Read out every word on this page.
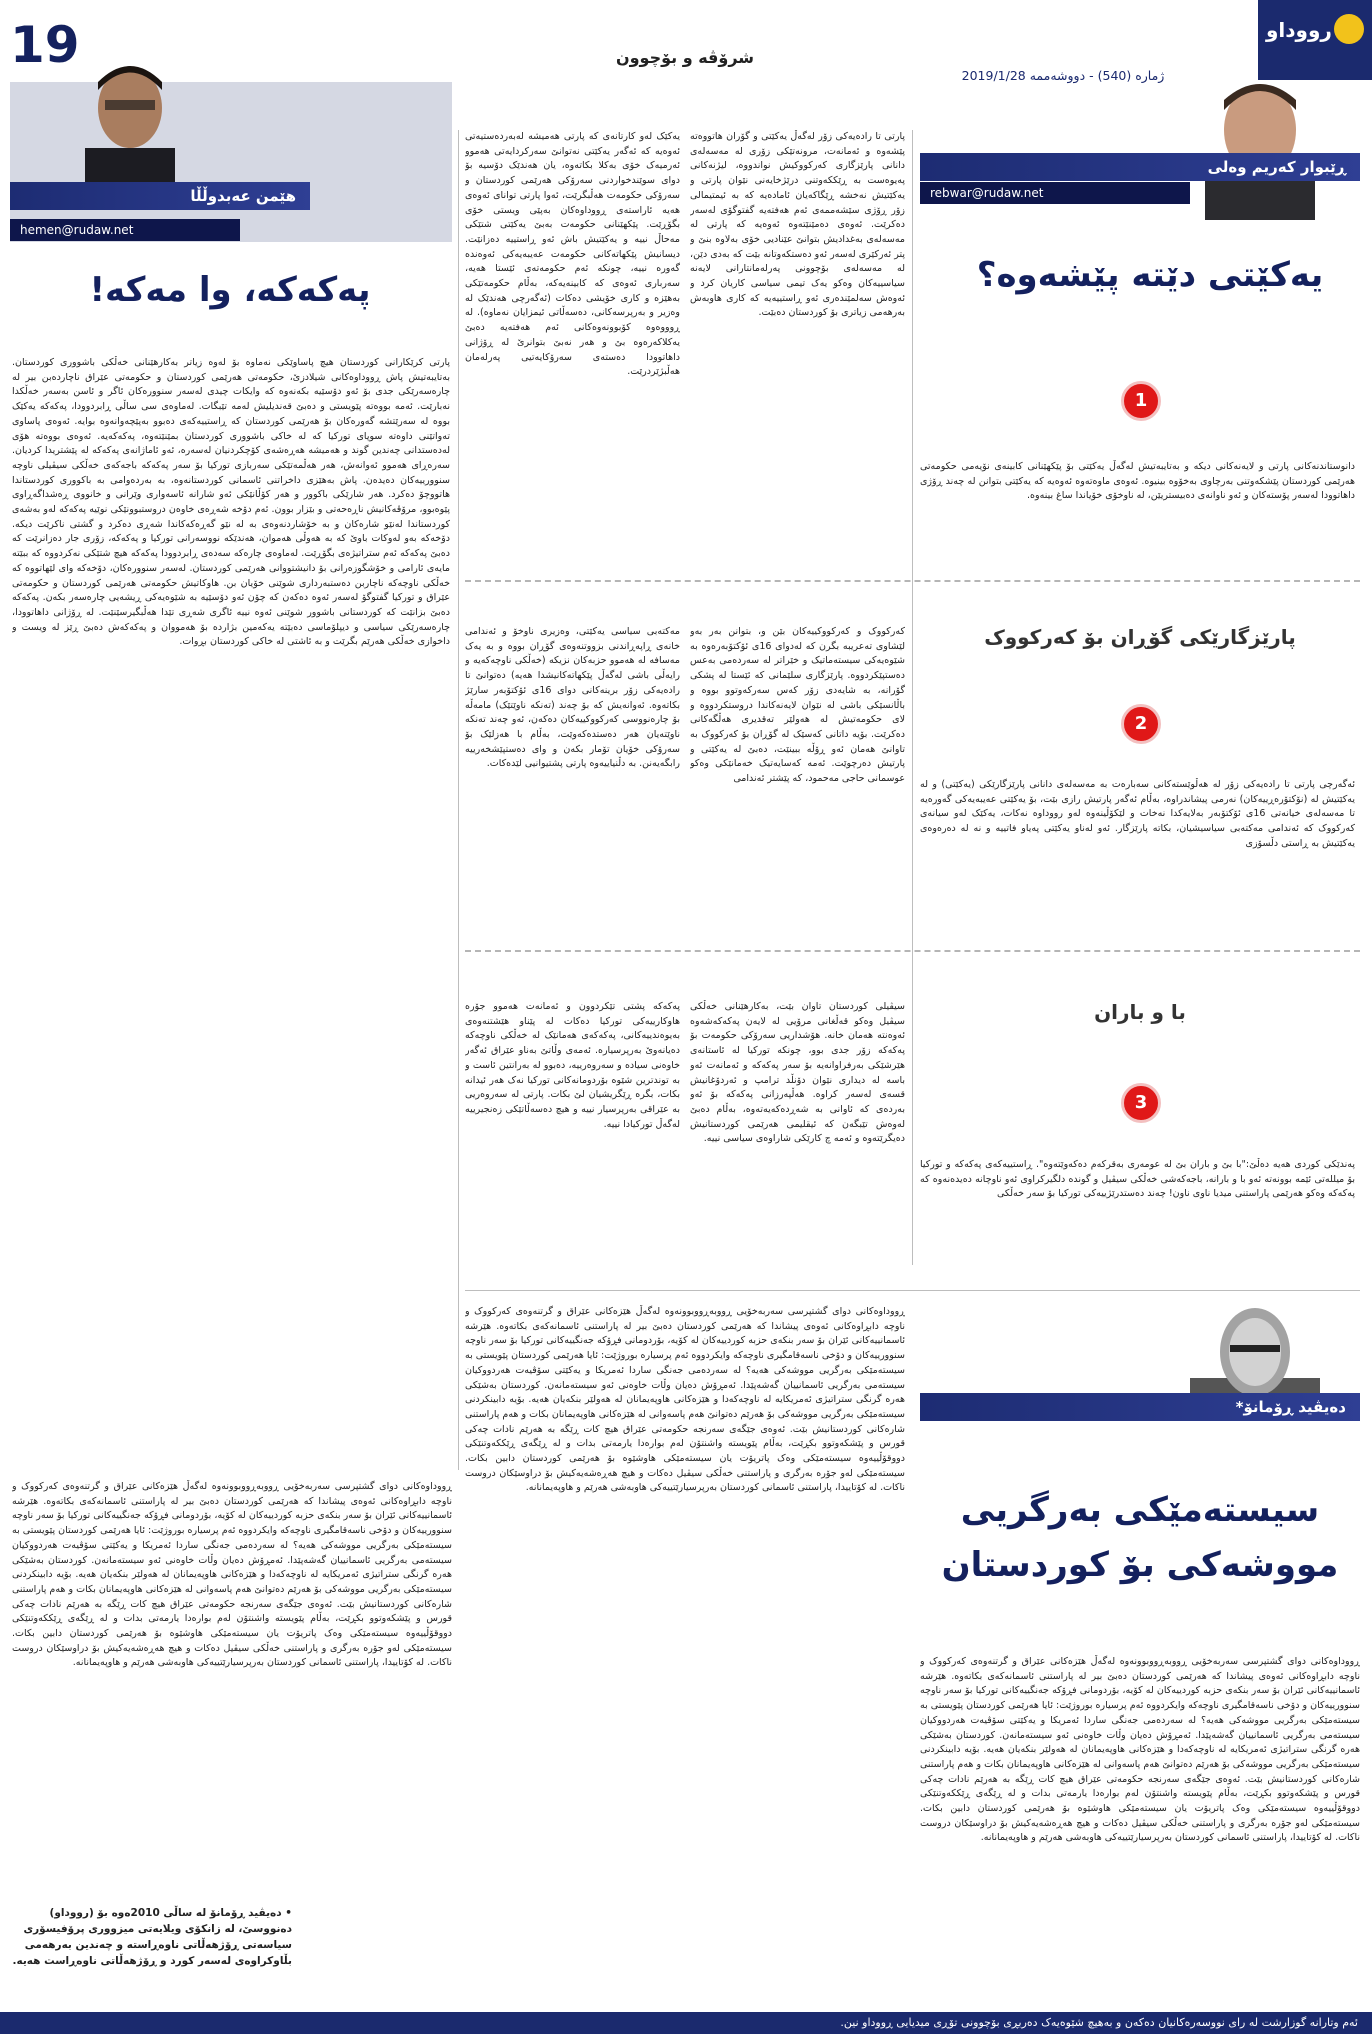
19	شرۆڤە و بۆچوون
ژمارە (540) - دووشەممە 2019/1/28
رووداو
هێمن عەبدوڵڵا
hemen@rudaw.net
پەکەکە، وا مەکە!
پارتی کرێکارانی کوردستان هیچ پاساوێکی نەماوە بۆ لەوە زیاتر بەکارهێنانی خەڵکی باشووری کوردستان. بەتایبەتیش پاش ڕووداوەکانی شیلادزێ، حکومەتی هەرێمی کوردستان و حکومەتی عێراق ناچاردەبن بیر لە چارەسەرێکی جدی بۆ ئەو دۆسێیە بکەنەوە کە وایکات چیدی لەسەر سنوورەکان ئاگر و ئاسن بەسەر خەڵکدا نەبارێت. ئەمە بووەتە پێویستی و دەبێ قەندیلیش لەمە تێبگات. لەماوەی سی ساڵی ڕابردوودا، پەکەکە یەکێک بووە لە سەرێتشە گەورەکان بۆ هەرێمی کوردستان کە ڕاستییەکەی دەبوو بەپێچەوانەوە بوایە. ئەوەی پاساوی تەواتێنی داوەتە سوپای تورکیا کە لە خاکی باشووری کوردستان بمێنێتەوە، پەکەکەیە. ئەوەی بووەتە هۆی لەدەستدانی چەندین گوند و هەمیشە هەڕەشەی کۆچکردنیان لەسەرە، ئەو ئاماژانەی پەکەکە لە پێشتریدا کردیان. سەرەڕای هەموو ئەوانەش، هەر هەڵمەتێکی سەربازی تورکیا بۆ سەر پەکەکە باجەکەی خەڵکی سیڤیلی ناوچە سنوورییەکان دەیدەن. پاش بەهێزی داخراتنی ئاسمانی کوردستانەوە، بە بەردەوامی بە باکووری کوردستاندا هاتووچۆ دەکرد. هەر شارێکی باکوور و هەر کۆڵانێکی ئەو شارانە ئاسەواری وێرانی و خانووی ڕەشداگەڕاوی پێوەبوو، مرۆڤەکانیش ناڕەحەتی و بێزار بوون. ئەم دۆخە شەڕەی خاوەن دروستبوونێکی نوێیە پەکەکە لەو بەشەی کوردستاندا لەنێو شارەکان و بە خۆشاردنەوەی بە لە نێو گەڕەکەکاندا شەڕی دەکرد و گشتی ناکرێت دیکە. دۆخەکە بەو لەوکات باوێ کە بە هەوڵی هەموان، هەندێکە نووسەرانی تورکیا و پەکەکە، زۆری جار دەزانرێت کە دەبێ پەکەکە ئەم ستراتیژەی بگۆڕێت. لەماوەی چارەکە سەدەی ڕابردوودا پەکەکە هیچ شتێکی نەکردووە کە ببێتە مایەی ئارامی و خۆشگوزەرانی بۆ دانیشتووانی هەرێمی کوردستان. لەسەر سنوورەکان، دۆخەکە وای لێهاتووە کە خەڵکی ناوچەکە ناچاربن دەستبەرداری شوێنی خۆیان بن. هاوکاتیش حکومەتی هەرێمی کوردستان و حکومەتی عێراق و تورکیا گفتوگۆ لەسەر ئەوە دەکەن کە چۆن ئەو دۆسێیە بە شێوەیەکی ڕیشەیی چارەسەر بکەن. پەکەکە دەبێ بزانێت کە کوردستانی باشوور شوێنی ئەوە نییە ئاگری شەڕی تێدا هەڵبگیرسێنێت. لە ڕۆژانی داهاتوودا، چارەسەرێکی سیاسی و دیپلۆماسی دەبێتە یەکەمین بژاردە بۆ هەمووان و پەکەکەش دەبێ ڕێز لە ویست و داخوازی خەڵکی هەرێم بگرێت و بە ئاشتی لە خاکی کوردستان بڕوات.
ڕێبوار کەریم وەلی
rebwar@rudaw.net
یەکێتی دێتە پێشەوە؟
1
دانوستاندنەکانی پارتی و لایەنەکانی دیکە و بەتایبەتیش لەگەڵ یەکێتی بۆ پێکهێنانی کابینەی نۆیەمی حکومەتی هەرێمی کوردستان پێشکەوتنی بەرچاوی بەخۆوە بینیوە. ئەوەی ماوەتەوە ئەوەیە کە یەکێتی بتوانن لە چەند ڕۆژی داهاتوودا لەسەر پۆستەکان و ئەو ناوانەی دەبیستریێن، لە ناوخۆی خۆیاندا ساغ بینەوە.
پارتی تا رادەیەکی زۆر لەگەڵ یەکێتی و گۆران هاتووەتە پێشەوە و ئەمانەت، مرونەتێکی زۆری لە مەسەلەی دانانی پارێزگاری کەرکووکیش نواندووە، لیژنەکانی پەیوەست بە ڕێککەوتنی درێژخایەنی نێوان پارتی و یەکێتیش نەخشە ڕێگاکەیان ئامادەیە کە بە ئیمتیمالی زۆر ڕۆژی سێشەممەی ئەم هەفتەیە گفتوگۆی لەسەر دەکرێت. ئەوەی دەمێنێتەوە ئەوەیە کە پارتی لە مەسەلەی بەغدادیش بتوانێ عێنادیی خۆی بەلاوە بنێ و پتر ئەرکێری لەسەر ئەو دەستکەوتانە بێت کە بەدی دێن، لە مەسەلەی بۆچوونی پەرلەمانتارانی لایەنە سیاسییەکان وەکو یەک تیمی سیاسی کاریان کرد و ئەوەش سەلمێندەری ئەو ڕاستییەیە کە کاری هاوبەش بەرهەمی زیاتری بۆ کوردستان دەبێت.
یەکێک لەو کارتانەی کە پارتی هەمیشە لەبەردەستیەتی ئەوەیە کە ئەگەر یەکێتی نەتوانێ سەرکردایەتی هەموو ئەرمیەک خۆی بەکلا بکاتەوە، یان هەندێک دۆسیە بۆ دوای سوێندخواردنی سەرۆکی هەرێمی کوردستان و سەرۆکی حکومەت هەڵبگرێت، ئەوا پارتی توانای ئەوەی هەیە ئاراستەی ڕووداوەکان بەپێی ویستی خۆی بگۆڕێت. پێکهێنانی حکومەت بەبێ یەکێتی شتێکی مەحاڵ نییە و یەکێتیش باش ئەو ڕاستییە دەزانێت. دیسانیش پێکهاتەکانی حکومەت عەیبەیەکی ئەوەندە گەورە نییە، چونکە ئەم حکومەتەی ئێستا هەیە، سەرباری ئەوەی کە کابینەیەکە، بەڵام حکومەتێکی بەهێزە و کاری خۆیشی دەکات (ئەگەرچی هەندێک لە وەزیر و بەرپرسەکانی، دەسەڵاتی ئیمزایان نەماوە). لە ڕوووەوە کۆبوونەوەکانی ئەم هەفتەیە دەبێ یەکلاکەرەوە بێ و هەر نەبێ بتوانرێ لە ڕۆژانی داهاتوودا دەستەی سەرۆکایەتیی پەرلەمان هەڵبژێردرێت.
پارێزگارێکی گۆڕان بۆ کەرکووک
2
ئەگەرچی پارتی تا رادەیەکی زۆر لە هەڵوێستەکانی سەبارەت بە مەسەلەی دانانی پارێزگارێکی (یەکێتی) و لە یەکێتیش لە (نۆکتۆرەڕییەکان) نەرمی پیشاندراوە، بەڵام ئەگەر پارتیش رازی بێت، بۆ یەکێتی عەیبەیەکی گەورەیە تا مەسەلەی خیانەتی 16ی ئۆکتۆبەر بەلایەکدا نەخات و لێکۆڵینەوە لەو رووداوە نەکات، یەکێک لەو سیانەی کەرکووک کە ئەندامی مەکتەبی سیاسیشیان، بکاتە پارێزگار. ئەو لەناو یەکێتی پەیاو فاتییە و نە لە دەرەوەی یەکێتیش بە ڕاستی دڵسۆزی
کەرکووک و کەرکووکییەکان بێن و، بتوانن بەر بەو لێشاوی تەعریبە بگرن کە لەدوای 16ی ئۆکتۆبەرەوە بە شێوەیەکی سیستەماتیک و خێراتر لە سەردەمی بەعس دەستپێکردووە. پارێزگاری سلێمانی کە ئێستا لە پشکی گۆرانە، بە شایەدی زۆر کەس سەرکەوتوو بووە و باڵانسێکی باشی لە نێوان لایەنەکاندا دروستکردووە و لای حکومەتیش لە هەولێر تەقدیری هەڵگەکانی دەکرێت. بۆیە داتانی کەسێک لە گۆڕان بۆ کەرکووک بە تاوانێ هەمان ئەو ڕۆڵە ببینێت، دەبێ لە یەکێتی و پارتیش دەرچوێت. ئەمە کەسایەتیک خەمانێکی وەکو عوسمانی حاجی مەحمود، کە پێشتر ئەندامی
مەکتەبی سیاسی یەکێتی، وەزیری ناوخۆ و ئەندامی خانەی ڕاپەڕاندنی بزووتنەوەی گۆڕان بووە و بە یەک مەسافە لە هەموو حزبەکان نزیکە (خەڵکی ناوچەکەیە و رایەڵی باشی لەگەڵ پێکهاتەکانیشدا هەیە) دەتوانێ تا رادەیەکی زۆر برینەکانی دوای 16ی ئۆکتۆبەر سارێژ بکاتەوە. ئەوانەیش کە بۆ چەند (تەنکە ناوێتێک) مامەڵە بۆ چارەنووسی کەرکووکییەکان دەکەن، ئەو چەند تەنکە ناوێتەیان هەر دەستدەکەوێت، بەڵام با هەزلێک بۆ سەرۆکی خۆیان تۆمار بکەن و وای دەستپێشخەرییە رابگەیەنن. بە دڵنیاییەوە پارتی پشتیوانیی لێدەکات.
با و باران
3
پەندێکی کوردی هەیە دەڵێ:"با بێ و باران بێ لە عومەری بەقرکەم دەکەوێتەوە". ڕاستییەکەی پەکەکە و تورکیا بۆ میللەتی ئێمە بوونەتە ئەو با و بارانە، باجەکەشی خەڵکی سیڤیل و گوندە دلگیرکراوی ئەو ناوچانە دەیدەنەوە کە پەکەکە وەکو هەرێمی پاراستنی میدیا ناوی ناون! چەند دەستدرێژییەکی تورکیا بۆ سەر خەڵکی
سیڤیلی کوردستان تاوان بێت، بەکارهێنانی خەڵکی سیڤیل وەکو قەڵغانی مرۆیی لە لایەن پەکەکەشەوە ئەوەنتە هەمان خانە. هۆشداریی سەرۆکی حکومەت بۆ پەکەکە زۆر جدی بوو، چونکە تورکیا لە ئاستانەی هێرشێکی بەرفراوانەیە بۆ سەر پەکەکە و ئەمانەت ئەو باسە لە دیداری نێوان دۆنڵد ترامپ و ئەردۆغانیش قسەی لەسەر کراوە. هەڵپەرزانی پەکەکە بۆ ئەو بەردەی کە ئاوانی بە شەڕدەکەیەتەوە، بەڵام دەبێ لەوەش تێبگەن کە ئیقلیمی هەرێمی کوردستانیش دەیگرێتەوە و ئەمە چ کارێکی شاراوەی سیاسی نییە.
پەکەکە پشتی تێکردوون و ئەمانەت هەموو جۆرە هاوکارییەکی تورکیا دەکات لە پێناو هێشتنەوەی بەیوەندییەکانی، پەکەکەی هەمانێک لە خەڵکی ناوچەکە دەیانەوێ بەرپرسیارە. ئەمەی وڵاتێ بەناو عێراق ئەگەر خاوەنی سیادە و سەروەرییە، دەبوو لە بەرانتین ئاست و بە توندترین شێوە بۆردومانەکانی تورکیا نەک هەر ئیدانە بکات، بگرە ڕێگریشیان لێ بکات. پارتی لە سەروەریی بە عێراقی بەرپرسیار نییە و هیچ دەسەڵاتێکی زەنجیرییە لەگەڵ تورکیادا نییە.
دەیڤید ڕۆمانۆ*
سیستەمێکی بەرگریی
مووشەکی بۆ کوردستان
ڕووداوەکانی دوای گشتپرسی سەربەخۆیی ڕووبەڕووبوونەوە لەگەڵ هێزەکانی عێراق و گرتنەوەی کەرکووک و ناوچە دابڕاوەکانی ئەوەی پیشاندا کە هەرێمی کوردستان دەبێ بیر لە پاراستنی ئاسمانەکەی بکاتەوە. هێرشە ئاسمانییەکانی ئێران بۆ سەر بنکەی حزبە کوردییەکان لە کۆیە، بۆردومانی فڕۆکە جەنگییەکانی تورکیا بۆ سەر ناوچە سنوورییەکان و دۆخی ناسەقامگیری ناوچەکە وایکردووە ئەم پرسیارە بوروژێت: ئایا هەرێمی کوردستان پێویستی بە سیستەمێکی بەرگریی مووشەکی هەیە؟ لە سەردەمی جەنگی ساردا ئەمریکا و یەکێتی سۆڤیەت هەردووکیان سیستەمی بەرگریی ئاسمانییان گەشەپێدا. ئەمڕۆش دەیان وڵات خاوەنی ئەو سیستەمانەن. کوردستان بەشێکی هەرە گرنگی ستراتیژی ئەمریکایە لە ناوچەکەدا و هێزەکانی هاوپەیمانان لە هەولێر بنکەیان هەیە. بۆیە دابینکردنی سیستەمێکی بەرگریی مووشەکی بۆ هەرێم دەتوانێ هەم پاسەوانی لە هێزەکانی هاوپەیمانان بکات و هەم پاراستنی شارەکانی کوردستانیش بێت. ئەوەی جێگەی سەرنجە حکومەتی عێراق هیچ کات ڕێگە بە هەرێم نادات چەکی قورس و پێشکەوتوو بکڕێت، بەڵام پێویستە واشنتۆن لەم بوارەدا یارمەتی بدات و لە ڕێگەی ڕێککەوتنێکی دووقۆڵییەوە سیستەمێکی وەک پاتریۆت یان سیستەمێکی هاوشێوە بۆ هەرێمی کوردستان دابین بکات. سیستەمێکی لەو جۆرە بەرگری و پاراستنی خەڵکی سیڤیل دەکات و هیچ هەڕەشەیەکیش بۆ دراوسێکان دروست ناکات. لە کۆتاییدا، پاراستنی ئاسمانی کوردستان بەرپرسیارێتییەکی هاوبەشی هەرێم و هاوپەیمانانە.
ڕووداوەکانی دوای گشتپرسی سەربەخۆیی ڕووبەڕووبوونەوە لەگەڵ هێزەکانی عێراق و گرتنەوەی کەرکووک و ناوچە دابڕاوەکانی ئەوەی پیشاندا کە هەرێمی کوردستان دەبێ بیر لە پاراستنی ئاسمانەکەی بکاتەوە. هێرشە ئاسمانییەکانی ئێران بۆ سەر بنکەی حزبە کوردییەکان لە کۆیە، بۆردومانی فڕۆکە جەنگییەکانی تورکیا بۆ سەر ناوچە سنوورییەکان و دۆخی ناسەقامگیری ناوچەکە وایکردووە ئەم پرسیارە بوروژێت: ئایا هەرێمی کوردستان پێویستی بە سیستەمێکی بەرگریی مووشەکی هەیە؟ لە سەردەمی جەنگی ساردا ئەمریکا و یەکێتی سۆڤیەت هەردووکیان سیستەمی بەرگریی ئاسمانییان گەشەپێدا. ئەمڕۆش دەیان وڵات خاوەنی ئەو سیستەمانەن. کوردستان بەشێکی هەرە گرنگی ستراتیژی ئەمریکایە لە ناوچەکەدا و هێزەکانی هاوپەیمانان لە هەولێر بنکەیان هەیە. بۆیە دابینکردنی سیستەمێکی بەرگریی مووشەکی بۆ هەرێم دەتوانێ هەم پاسەوانی لە هێزەکانی هاوپەیمانان بکات و هەم پاراستنی شارەکانی کوردستانیش بێت. ئەوەی جێگەی سەرنجە حکومەتی عێراق هیچ کات ڕێگە بە هەرێم نادات چەکی قورس و پێشکەوتوو بکڕێت، بەڵام پێویستە واشنتۆن لەم بوارەدا یارمەتی بدات و لە ڕێگەی ڕێککەوتنێکی دووقۆڵییەوە سیستەمێکی وەک پاتریۆت یان سیستەمێکی هاوشێوە بۆ هەرێمی کوردستان دابین بکات. سیستەمێکی لەو جۆرە بەرگری و پاراستنی خەڵکی سیڤیل دەکات و هیچ هەڕەشەیەکیش بۆ دراوسێکان دروست ناکات. لە کۆتاییدا، پاراستنی ئاسمانی کوردستان بەرپرسیارێتییەکی هاوبەشی هەرێم و هاوپەیمانانە.
ڕووداوەکانی دوای گشتپرسی سەربەخۆیی ڕووبەڕووبوونەوە لەگەڵ هێزەکانی عێراق و گرتنەوەی کەرکووک و ناوچە دابڕاوەکانی ئەوەی پیشاندا کە هەرێمی کوردستان دەبێ بیر لە پاراستنی ئاسمانەکەی بکاتەوە. هێرشە ئاسمانییەکانی ئێران بۆ سەر بنکەی حزبە کوردییەکان لە کۆیە، بۆردومانی فڕۆکە جەنگییەکانی تورکیا بۆ سەر ناوچە سنوورییەکان و دۆخی ناسەقامگیری ناوچەکە وایکردووە ئەم پرسیارە بوروژێت: ئایا هەرێمی کوردستان پێویستی بە سیستەمێکی بەرگریی مووشەکی هەیە؟ لە سەردەمی جەنگی ساردا ئەمریکا و یەکێتی سۆڤیەت هەردووکیان سیستەمی بەرگریی ئاسمانییان گەشەپێدا. ئەمڕۆش دەیان وڵات خاوەنی ئەو سیستەمانەن. کوردستان بەشێکی هەرە گرنگی ستراتیژی ئەمریکایە لە ناوچەکەدا و هێزەکانی هاوپەیمانان لە هەولێر بنکەیان هەیە. بۆیە دابینکردنی سیستەمێکی بەرگریی مووشەکی بۆ هەرێم دەتوانێ هەم پاسەوانی لە هێزەکانی هاوپەیمانان بکات و هەم پاراستنی شارەکانی کوردستانیش بێت. ئەوەی جێگەی سەرنجە حکومەتی عێراق هیچ کات ڕێگە بە هەرێم نادات چەکی قورس و پێشکەوتوو بکڕێت، بەڵام پێویستە واشنتۆن لەم بوارەدا یارمەتی بدات و لە ڕێگەی ڕێککەوتنێکی دووقۆڵییەوە سیستەمێکی وەک پاتریۆت یان سیستەمێکی هاوشێوە بۆ هەرێمی کوردستان دابین بکات. سیستەمێکی لەو جۆرە بەرگری و پاراستنی خەڵکی سیڤیل دەکات و هیچ هەڕەشەیەکیش بۆ دراوسێکان دروست ناکات. لە کۆتاییدا، پاراستنی ئاسمانی کوردستان بەرپرسیارێتییەکی هاوبەشی هەرێم و هاوپەیمانانە.
• دەیڤید ڕۆمانۆ لە ساڵی 2010ەوە بۆ (رووداو) دەنووسێ، لە زانکۆی ویلایەتی میزووری پرۆفیسۆری سیاسەتی ڕۆژهەڵاتی ناوەڕاستە و چەندین بەرهەمی بڵاوکراوەی لەسەر کورد و ڕۆژهەڵاتی ناوەڕاست هەیە.
ئەم وتارانە گوزارشت لە رای نووسەرەکانیان دەکەن و بەهیچ شێوەیەک دەربڕی بۆچوونی تۆڕی میدیایی ڕووداو نین.
